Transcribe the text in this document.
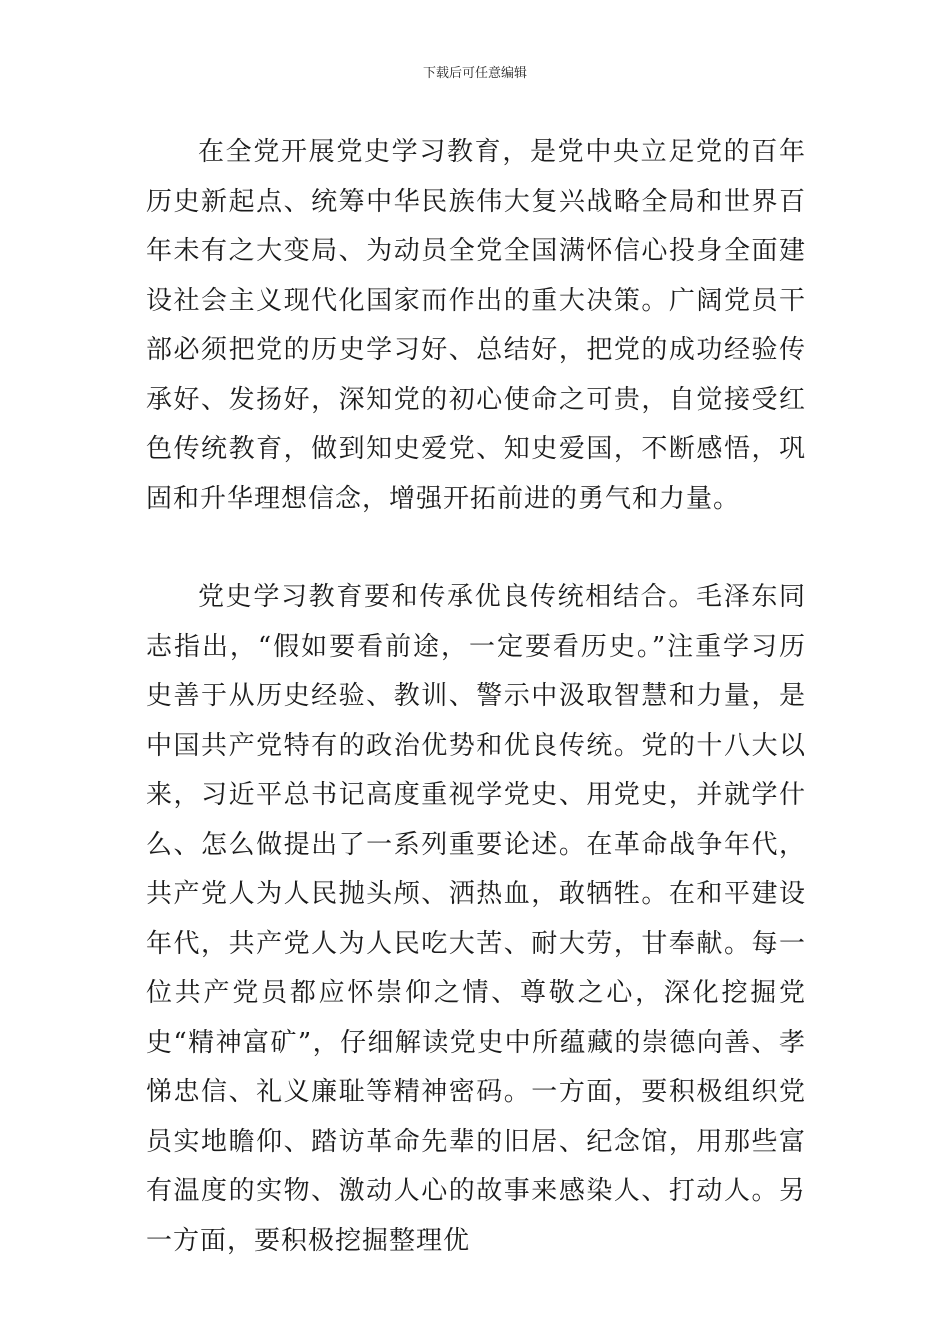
下载后可任意编辑

在全党开展党史学习教育，是党中央立足党的百年历史新起点、统筹中华民族伟大复兴战略全局和世界百年未有之大变局、为动员全党全国满怀信心投身全面建设社会主义现代化国家而作出的重大决策。广阔党员干部必须把党的历史学习好、总结好，把党的成功经验传承好、发扬好，深知党的初心使命之可贵，自觉接受红色传统教育，做到知史爱党、知史爱国，不断感悟，巩固和升华理想信念，增强开拓前进的勇气和力量。

党史学习教育要和传承优良传统相结合。毛泽东同志指出，“假如要看前途，一定要看历史。”注重学习历史善于从历史经验、教训、警示中汲取智慧和力量，是中国共产党特有的政治优势和优良传统。党的十八大以来，习近平总书记高度重视学党史、用党史，并就学什么、怎么做提出了一系列重要论述。在革命战争年代，共产党人为人民抛头颅、洒热血，敢牺牲。在和平建设年代，共产党人为人民吃大苦、耐大劳，甘奉献。每一位共产党员都应怀崇仰之情、尊敬之心，深化挖掘党史“精神富矿”，仔细解读党史中所蕴藏的崇德向善、孝悌忠信、礼义廉耻等精神密码。一方面，要积极组织党员实地瞻仰、踏访革命先辈的旧居、纪念馆，用那些富有温度的实物、激动人心的故事来感染人、打动人。另一方面，要积极挖掘整理优
